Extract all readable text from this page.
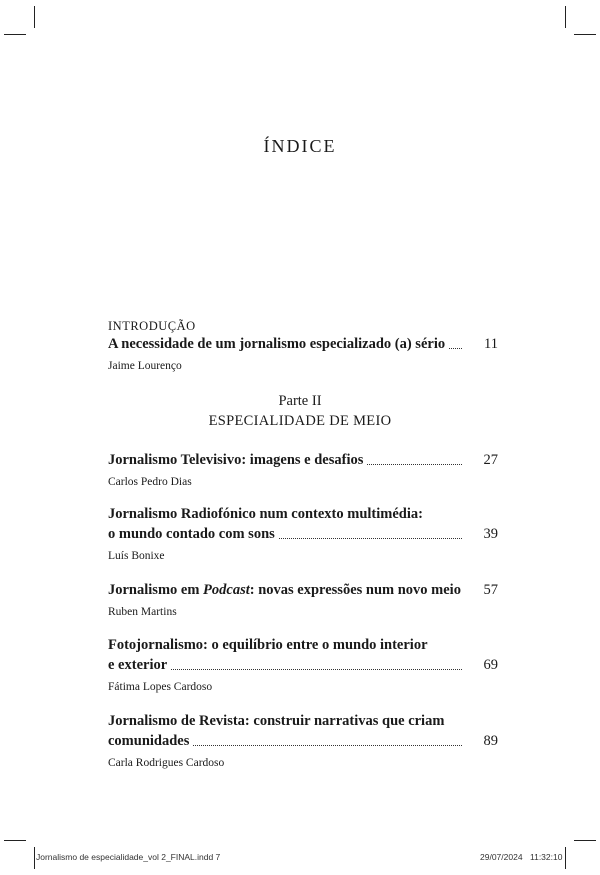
ÍNDICE
INTRODUÇÃO
A necessidade de um jornalismo especializado (a) sério	11
Jaime Lourenço
Parte II
ESPECIALIDADE DE MEIO
Jornalismo Televisivo: imagens e desafios	27
Carlos Pedro Dias
Jornalismo Radiofónico num contexto multimédia:
o mundo contado com sons	39
Luís Bonixe
Jornalismo em Podcast: novas expressões num novo meio 57
Ruben Martins
Fotojornalismo: o equilíbrio entre o mundo interior
e exterior	69
Fátima Lopes Cardoso
Jornalismo de Revista: construir narrativas que criam
comunidades	89
Carla Rodrigues Cardoso
Jornalismo de especialidade_vol 2_FINAL.indd 7	29/07/2024 11:32:10
